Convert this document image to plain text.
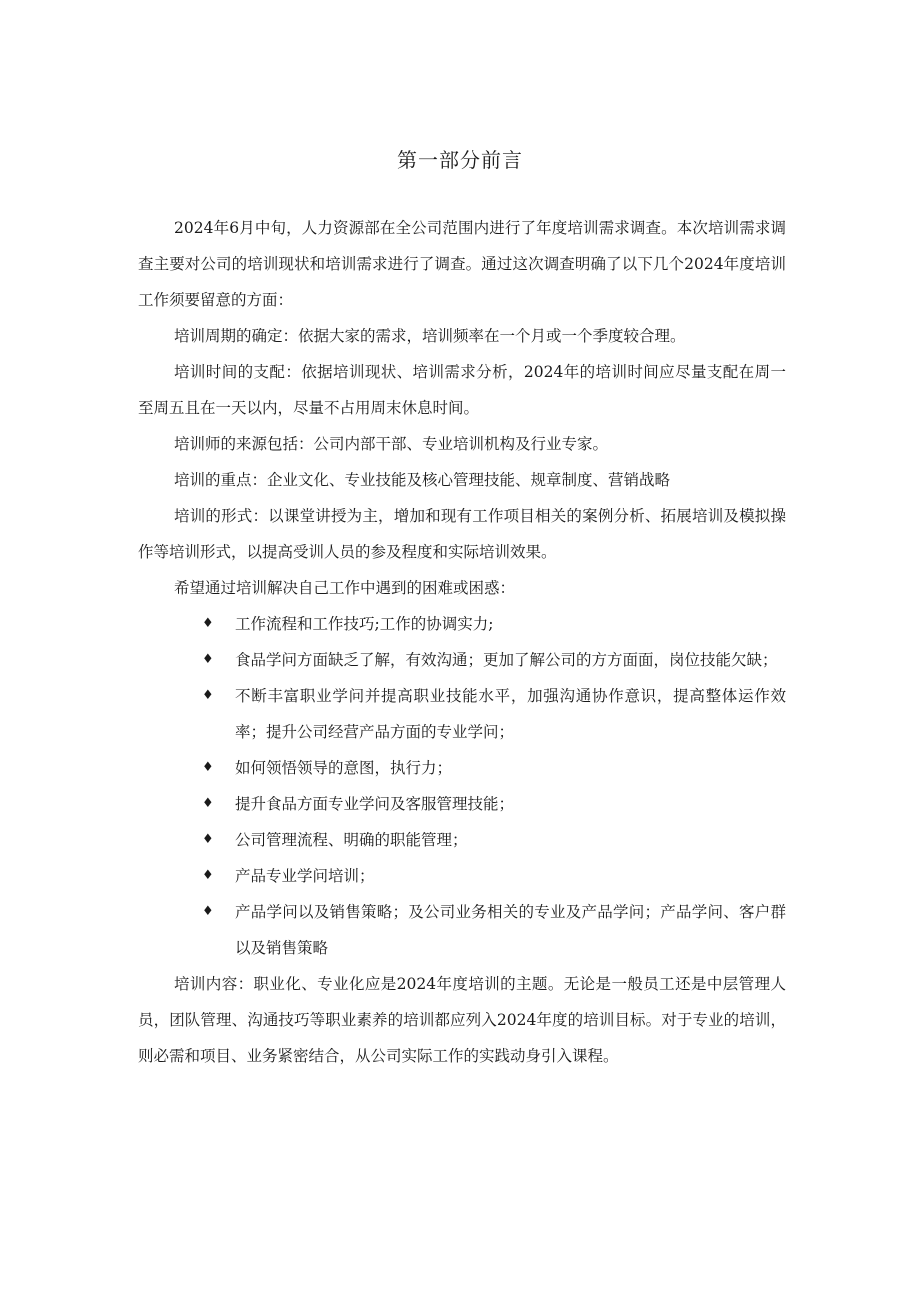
第一部分前言

2024年6月中旬，人力资源部在全公司范围内进行了年度培训需求调查。本次培训需求调查主要对公司的培训现状和培训需求进行了调查。通过这次调查明确了以下几个2024年度培训工作须要留意的方面：

培训周期的确定：依据大家的需求，培训频率在一个月或一个季度较合理。

培训时间的支配：依据培训现状、培训需求分析，2024年的培训时间应尽量支配在周一至周五且在一天以内，尽量不占用周末休息时间。

培训师的来源包括：公司内部干部、专业培训机构及行业专家。

培训的重点：企业文化、专业技能及核心管理技能、规章制度、营销战略

培训的形式：以课堂讲授为主，增加和现有工作项目相关的案例分析、拓展培训及模拟操作等培训形式，以提高受训人员的参及程度和实际培训效果。

希望通过培训解决自己工作中遇到的困难或困惑：

♦ 工作流程和工作技巧;工作的协调实力;
♦ 食品学问方面缺乏了解，有效沟通；更加了解公司的方方面面，岗位技能欠缺；
♦ 不断丰富职业学问并提高职业技能水平，加强沟通协作意识，提高整体运作效率；提升公司经营产品方面的专业学问；
♦ 如何领悟领导的意图，执行力；
♦ 提升食品方面专业学问及客服管理技能；
♦ 公司管理流程、明确的职能管理；
♦ 产品专业学问培训；
♦ 产品学问以及销售策略；及公司业务相关的专业及产品学问；产品学问、客户群以及销售策略

培训内容：职业化、专业化应是2024年度培训的主题。无论是一般员工还是中层管理人员，团队管理、沟通技巧等职业素养的培训都应列入2024年度的培训目标。对于专业的培训，则必需和项目、业务紧密结合，从公司实际工作的实践动身引入课程。
